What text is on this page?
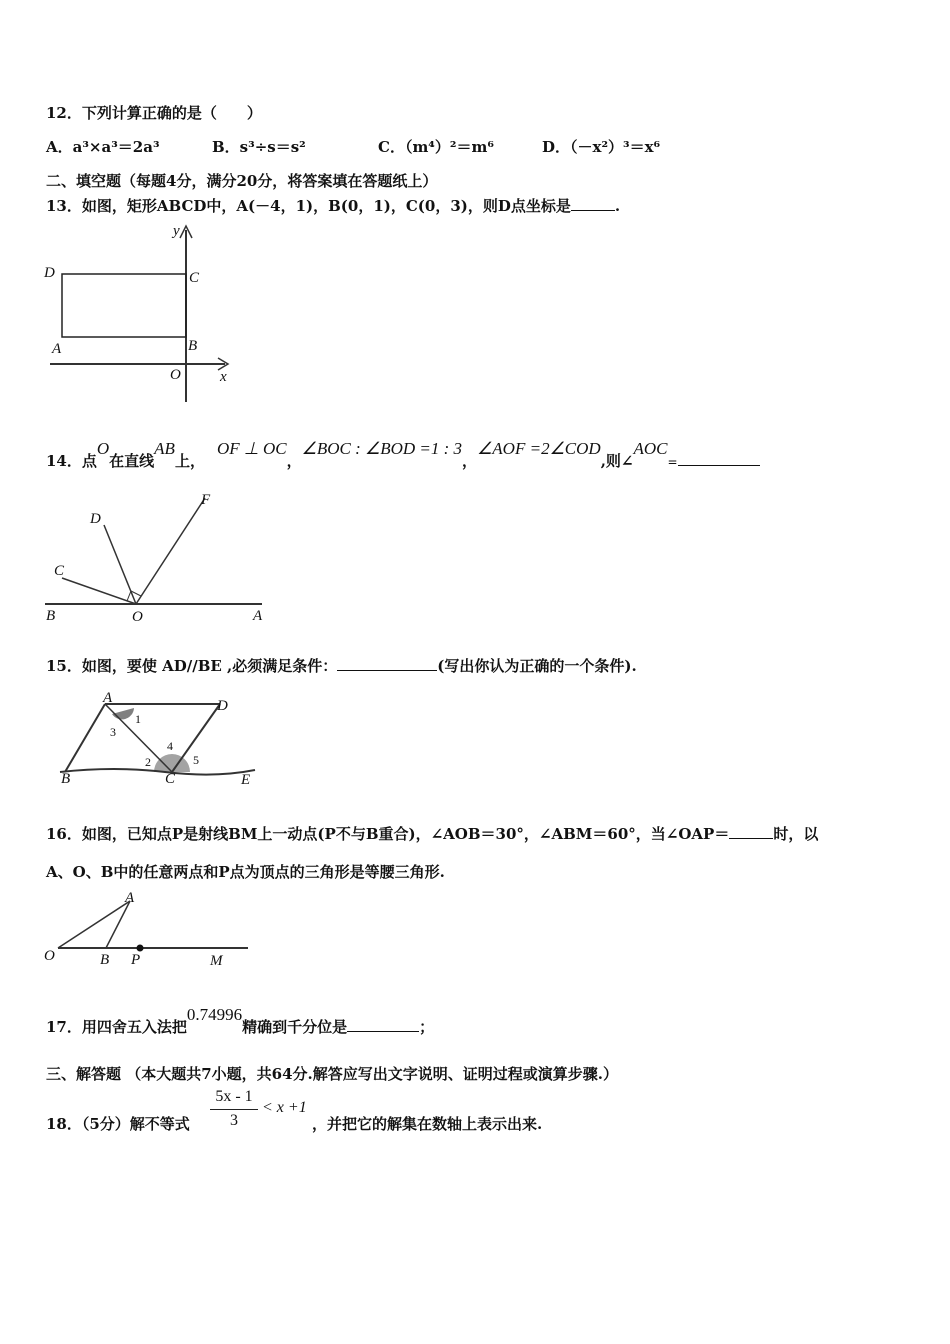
12．下列计算正确的是（　　）
A．a³×a³＝2a³	B．s³÷s＝s²	C．（m⁴）²＝m⁶	D．（－x²）³＝x⁶
二、填空题（每题4分，满分20分，将答案填在答题纸上）
13．如图，矩形ABCD中，A(－4，1)，B(0，1)，C(0，3)，则D点坐标是	.
y
x
O
A	B
C
D
14．点O在直线AB上，OF ⊥ OC，∠BOC : ∠BOD =1 : 3，∠AOF =2∠COD,则∠AOC=
B	O	A
C
D
F
15．如图，要使 AD//BE ,必须满足条件：	(写出你认为正确的一个条件).
A	D
B	C	E
1
2
3
4
5
16．如图，已知点P是射线BM上一动点(P不与B重合)，∠AOB＝30°，∠ABM＝60°，当∠OAP＝	时，以
A、O、B中的任意两点和P点为顶点的三角形是等腰三角形.
O
A
B P	M
17．用四舍五入法把0.74996精确到千分位是	；
三、解答题 （本大题共7小题，共64分.解答应写出文字说明、证明过程或演算步骤.）
18．（5分）解不等式
5x - 1
3
< x +1
，并把它的解集在数轴上表示出来.
